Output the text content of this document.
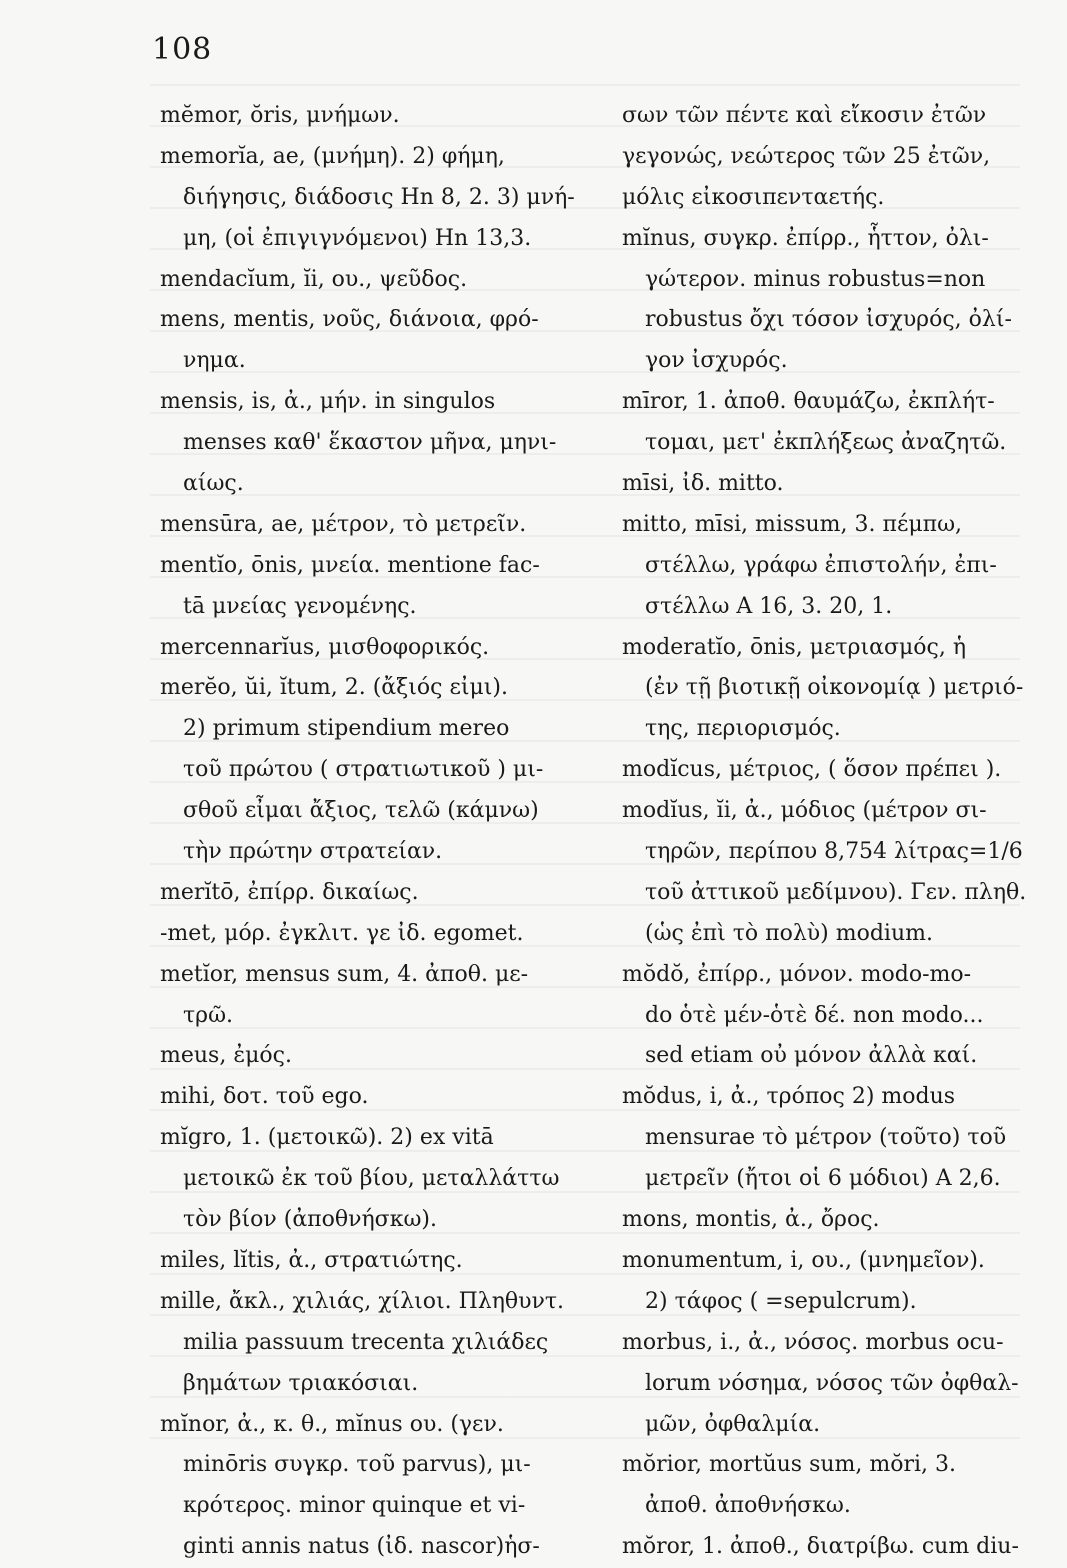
108
mĕmor, ŏris, μνήμων.
memorĭa, ae, (μνήμη). 2) φήμη,
διήγησις, διάδοσις Hn 8, 2. 3) μνή-
μη, (οἱ ἐπιγιγνόμενοι) Hn 13,3.
mendacĭum, ĭi, ου., ψεῦδος.
mens, mentis, νοῦς, διάνοια, φρό-
νημα.
mensis, is, ἀ., μήν. in singulos
menses καθ' ἕκαστον μῆνα, μηνι-
αίως.
mensūra, ae, μέτρον, τὸ μετρεῖν.
mentĭo, ōnis, μνεία. mentione fac-
tā μνείας γενομένης.
mercennarĭus, μισθοφορικός.
merĕo, ŭi, ĭtum, 2. (ἄξιός εἰμι).
2) primum stipendium mereo
τοῦ πρώτου ( στρατιωτικοῦ ) μι-
σθοῦ εἶμαι ἄξιος, τελῶ (κάμνω)
τὴν πρώτην στρατείαν.
merĭtō, ἐπίρρ. δικαίως.
-met, μόρ. ἐγκλιτ. γε ἰδ. egomet.
metĭor, mensus sum, 4. ἀποθ. με-
τρῶ.
meus, ἐμός.
mihi, δοτ. τοῦ ego.
mĭgro, 1. (μετοικῶ). 2) ex vitā
μετοικῶ ἐκ τοῦ βίου, μεταλλάττω
τὸν βίον (ἀποθνήσκω).
miles, lĭtis, ἀ., στρατιώτης.
mille, ἄκλ., χιλιάς, χίλιοι. Πληθυντ.
milia passuum trecenta χιλιάδες
βημάτων τριακόσιαι.
mĭnor, ἀ., κ. θ., mĭnus ου. (γεν.
minōris συγκρ. τοῦ parvus), μι-
κρότερος. minor quinque et vi-
ginti annis natus (ἰδ. nascor)ἡσ-
σων τῶν πέντε καὶ εἴκοσιν ἐτῶν
γεγονώς, νεώτερος τῶν 25 ἐτῶν,
μόλις εἰκοσιπενταετής.
mĭnus, συγκρ. ἐπίρρ., ἧττον, ὀλι-
γώτερον. minus robustus=non
robustus ὄχι τόσον ἰσχυρός, ὀλί-
γον ἰσχυρός.
mīror, 1. ἀποθ. θαυμάζω, ἐκπλήτ-
τομαι, μετ' ἐκπλήξεως ἀναζητῶ.
mīsi, ἰδ. mitto.
mitto, mīsi, missum, 3. πέμπω,
στέλλω, γράφω ἐπιστολήν, ἐπι-
στέλλω Α 16, 3. 20, 1.
moderatĭo, ōnis, μετριασμός, ἡ
(ἐν τῇ βιοτικῇ οἰκονομίᾳ ) μετριό-
της, περιορισμός.
modĭcus, μέτριος, ( ὅσον πρέπει ).
modĭus, ĭi, ἀ., μόδιος (μέτρον σι-
τηρῶν, περίπου 8,754 λίτρας=1/6
τοῦ ἀττικοῦ μεδίμνου). Γεν. πληθ.
(ὡς ἐπὶ τὸ πολὺ) modium.
mŏdŏ, ἐπίρρ., μόνον. modo-mo-
do ὁτὲ μέν-ὁτὲ δέ. non modo...
sed etiam οὐ μόνον ἀλλὰ καί.
mŏdus, i, ἀ., τρόπος 2) modus
mensurae τὸ μέτρον (τοῦτο) τοῦ
μετρεῖν (ἤτοι οἱ 6 μόδιοι) Α 2,6.
mons, montis, ἀ., ὄρος.
monumentum, i, ου., (μνημεῖον).
2) τάφος ( =sepulcrum).
morbus, i., ἀ., νόσος. morbus ocu-
lorum νόσημα, νόσος τῶν ὀφθαλ-
μῶν, ὀφθαλμία.
mŏrior, mortŭus sum, mŏri, 3.
ἀποθ. ἀποθνήσκω.
mŏror, 1. ἀποθ., διατρίβω. cum diu-
